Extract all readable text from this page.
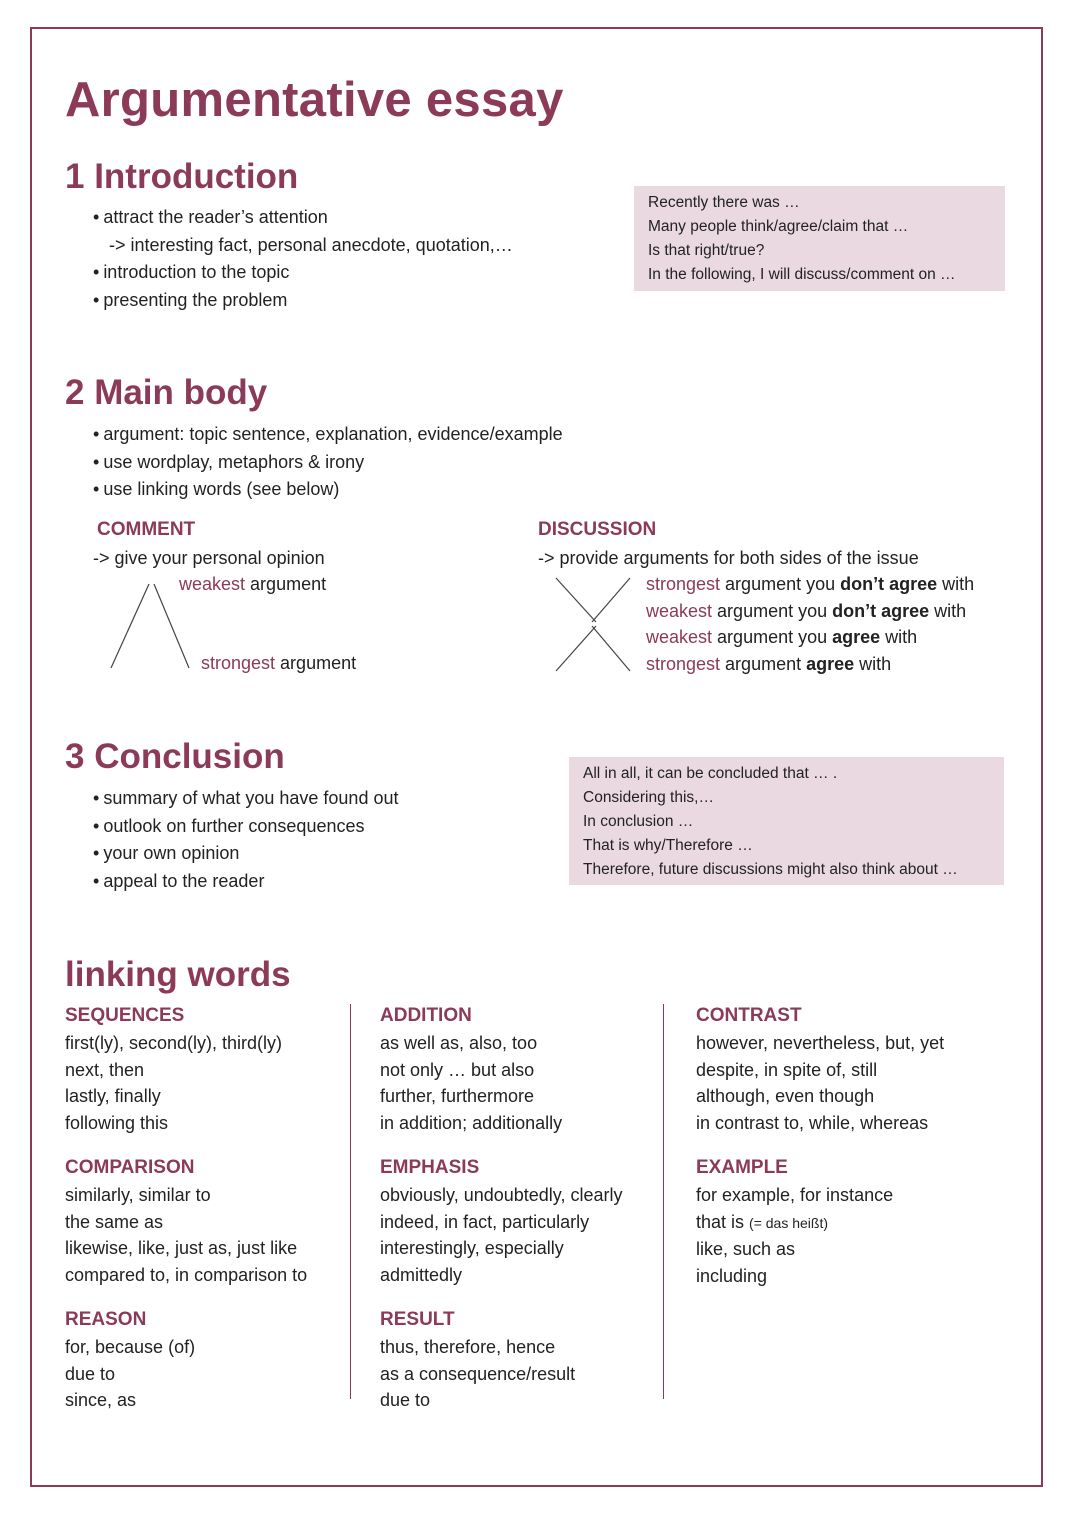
Argumentative essay
1 Introduction
• attract the reader’s attention
-> interesting fact, personal anecdote, quotation,…
• introduction to the topic
• presenting the problem
Recently there was …
Many people think/agree/claim that …
Is that right/true?
In the following, I will discuss/comment on …
2 Main body
• argument: topic sentence, explanation, evidence/example
• use wordplay, metaphors & irony
• use linking words (see below)
COMMENT
-> give your personal opinion
weakest argument
strongest argument
DISCUSSION
-> provide arguments for both sides of the issue
strongest argument you don’t agree with
weakest argument you don’t agree with
weakest argument you agree with
strongest argument agree with
3 Conclusion
• summary of what you have found out
• outlook on further consequences
• your own opinion
• appeal to the reader
All in all, it can be concluded that … .
Considering this,…
In conclusion …
That is why/Therefore …
Therefore, future discussions might also think about …
linking words
SEQUENCES
first(ly), second(ly), third(ly)
next, then
lastly, finally
following this
COMPARISON
similarly, similar to
the same as
likewise, like, just as, just like
compared to, in comparison to
REASON
for, because (of)
due to
since, as
ADDITION
as well as, also, too
not only … but also
further, furthermore
in addition; additionally
EMPHASIS
obviously, undoubtedly, clearly
indeed, in fact, particularly
interestingly, especially
admittedly
RESULT
thus, therefore, hence
as a consequence/result
due to
CONTRAST
however, nevertheless, but, yet
despite, in spite of, still
although, even though
in contrast to, while, whereas
EXAMPLE
for example, for instance
that is (= das heißt)
like, such as
including
